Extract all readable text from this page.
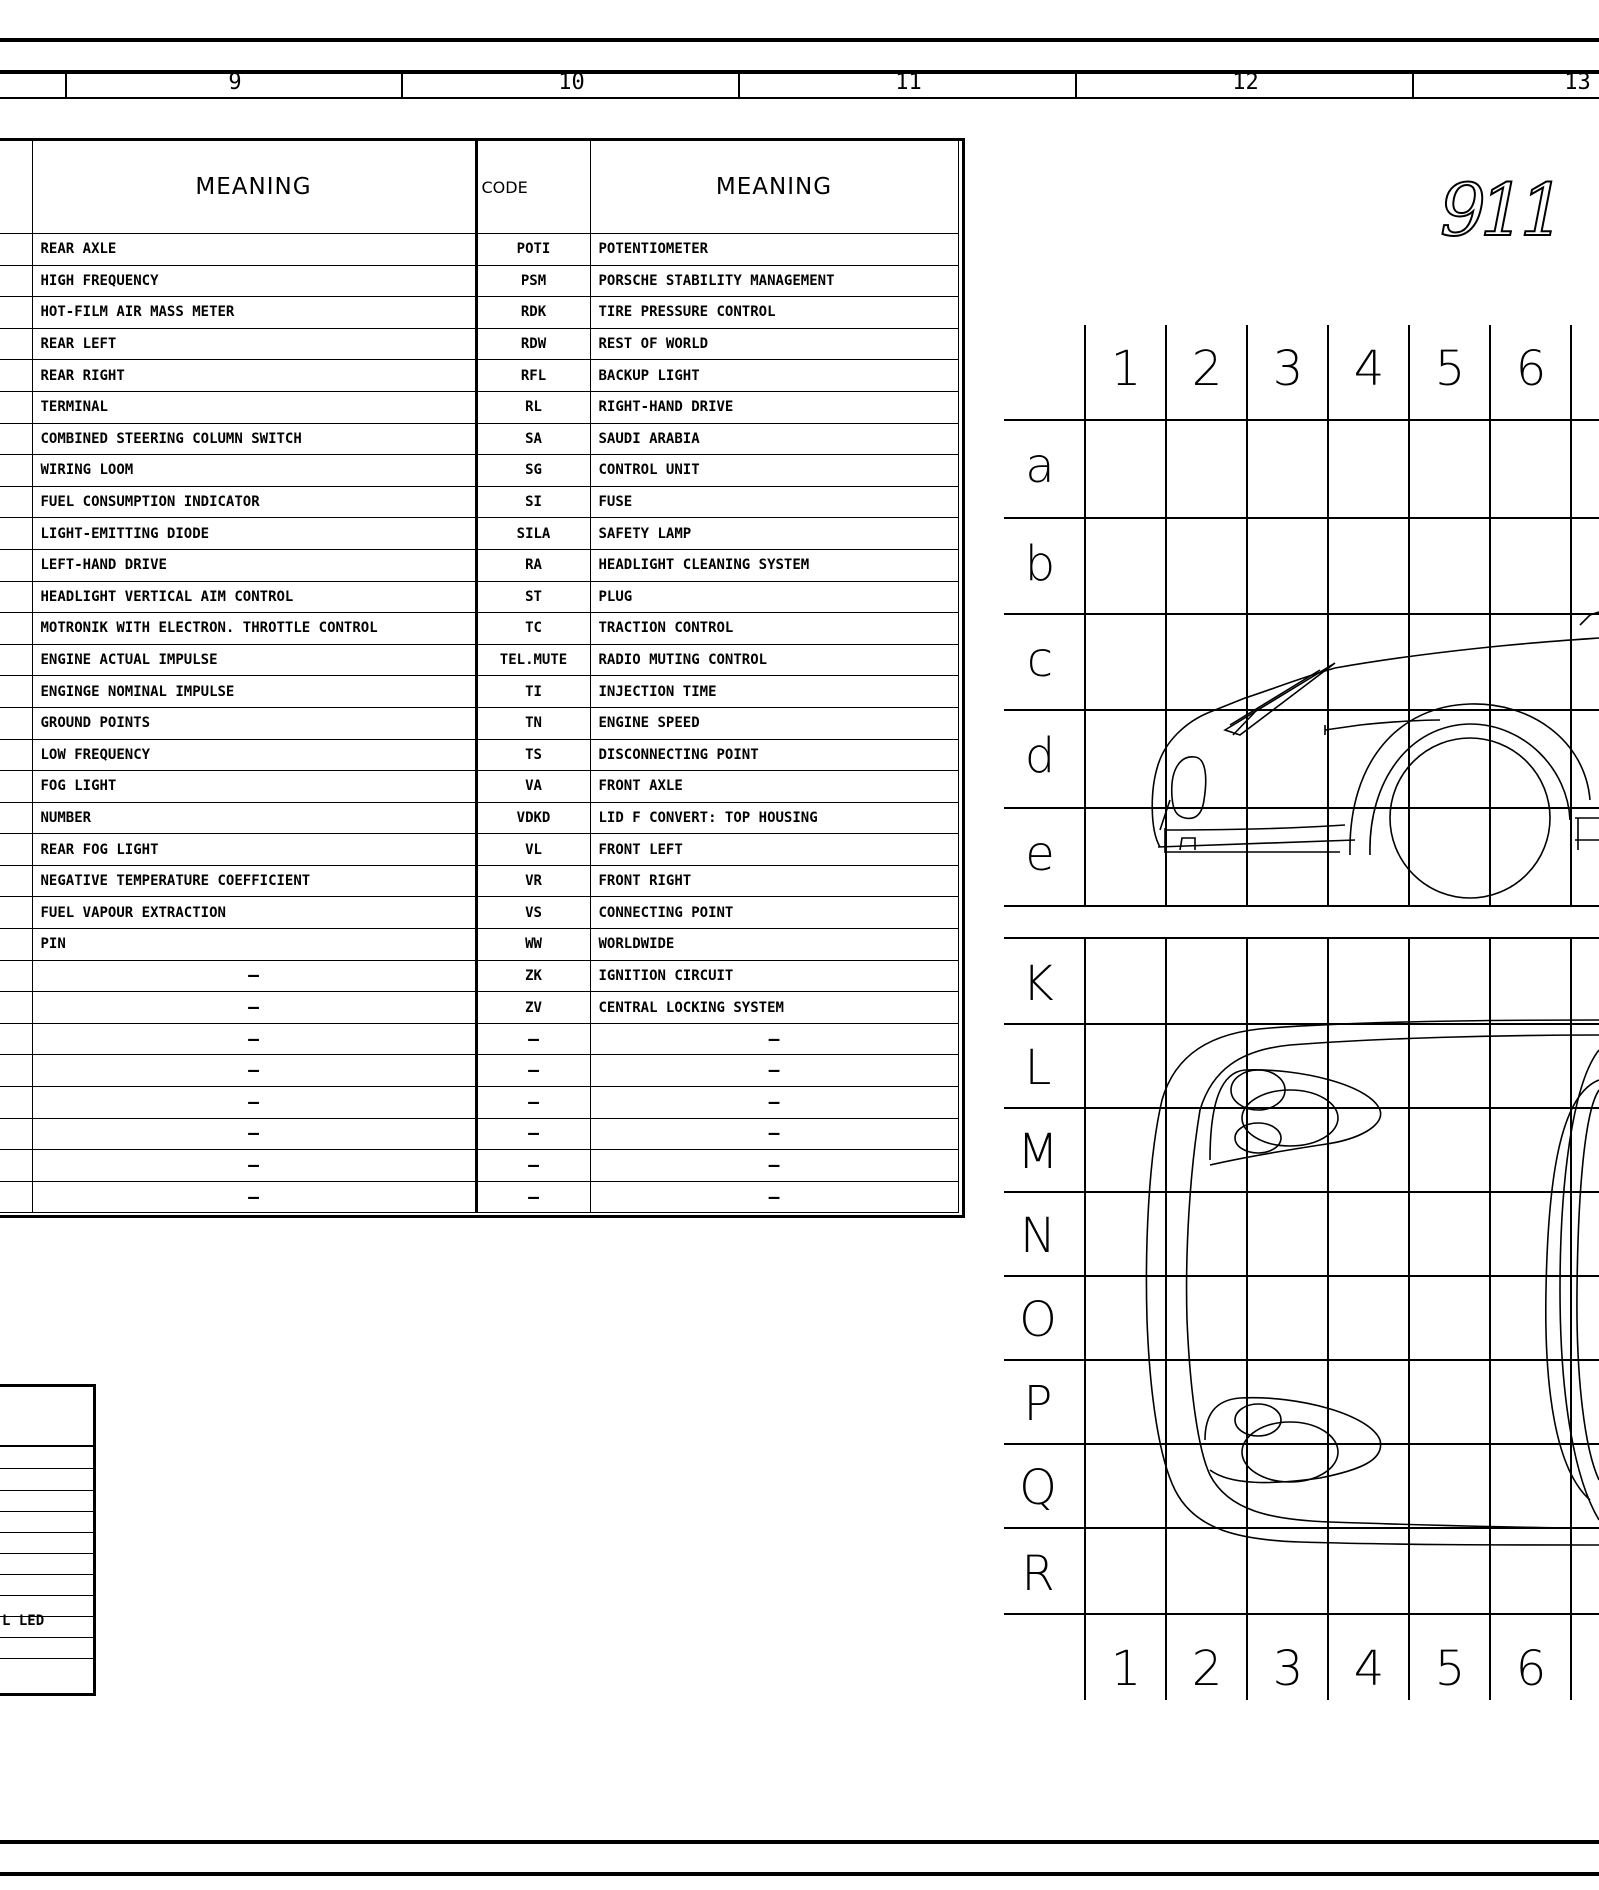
9	10	11	12	13
	MEANING	CODE	MEANING
	REAR AXLE	POTI	POTENTIOMETER
	HIGH FREQUENCY	PSM	PORSCHE STABILITY MANAGEMENT
	HOT-FILM AIR MASS METER	RDK	TIRE PRESSURE CONTROL
	REAR LEFT	RDW	REST OF WORLD
	REAR RIGHT	RFL	BACKUP LIGHT
	TERMINAL	RL	RIGHT-HAND DRIVE
	COMBINED STEERING COLUMN SWITCH	SA	SAUDI ARABIA
	WIRING LOOM	SG	CONTROL UNIT
	FUEL CONSUMPTION INDICATOR	SI	FUSE
	LIGHT-EMITTING DIODE	SILA	SAFETY LAMP
	LEFT-HAND DRIVE	RA	HEADLIGHT CLEANING SYSTEM
	HEADLIGHT VERTICAL AIM CONTROL	ST	PLUG
	MOTRONIK WITH ELECTRON. THROTTLE CONTROL	TC	TRACTION CONTROL
	ENGINE ACTUAL IMPULSE	TEL.MUTE	RADIO MUTING CONTROL
	ENGINGE NOMINAL IMPULSE	TI	INJECTION TIME
	GROUND POINTS	TN	ENGINE SPEED
	LOW FREQUENCY	TS	DISCONNECTING POINT
	FOG LIGHT	VA	FRONT AXLE
	NUMBER	VDKD	LID F CONVERT: TOP HOUSING
	REAR FOG LIGHT	VL	FRONT LEFT
	NEGATIVE TEMPERATURE COEFFICIENT	VR	FRONT RIGHT
	FUEL VAPOUR EXTRACTION	VS	CONNECTING POINT
	PIN	WW	WORLDWIDE
	—	ZK	IGNITION CIRCUIT
	—	ZV	CENTRAL LOCKING SYSTEM
	—	—	—
	—	—	—
	—	—	—
	—	—	—
	—	—	—
	—	—	—
L LED
911
1 2 3 4 5 6
1 2 3 4 5 6
a
b
c
d
e
K
L
M
N
O
P
Q
R
